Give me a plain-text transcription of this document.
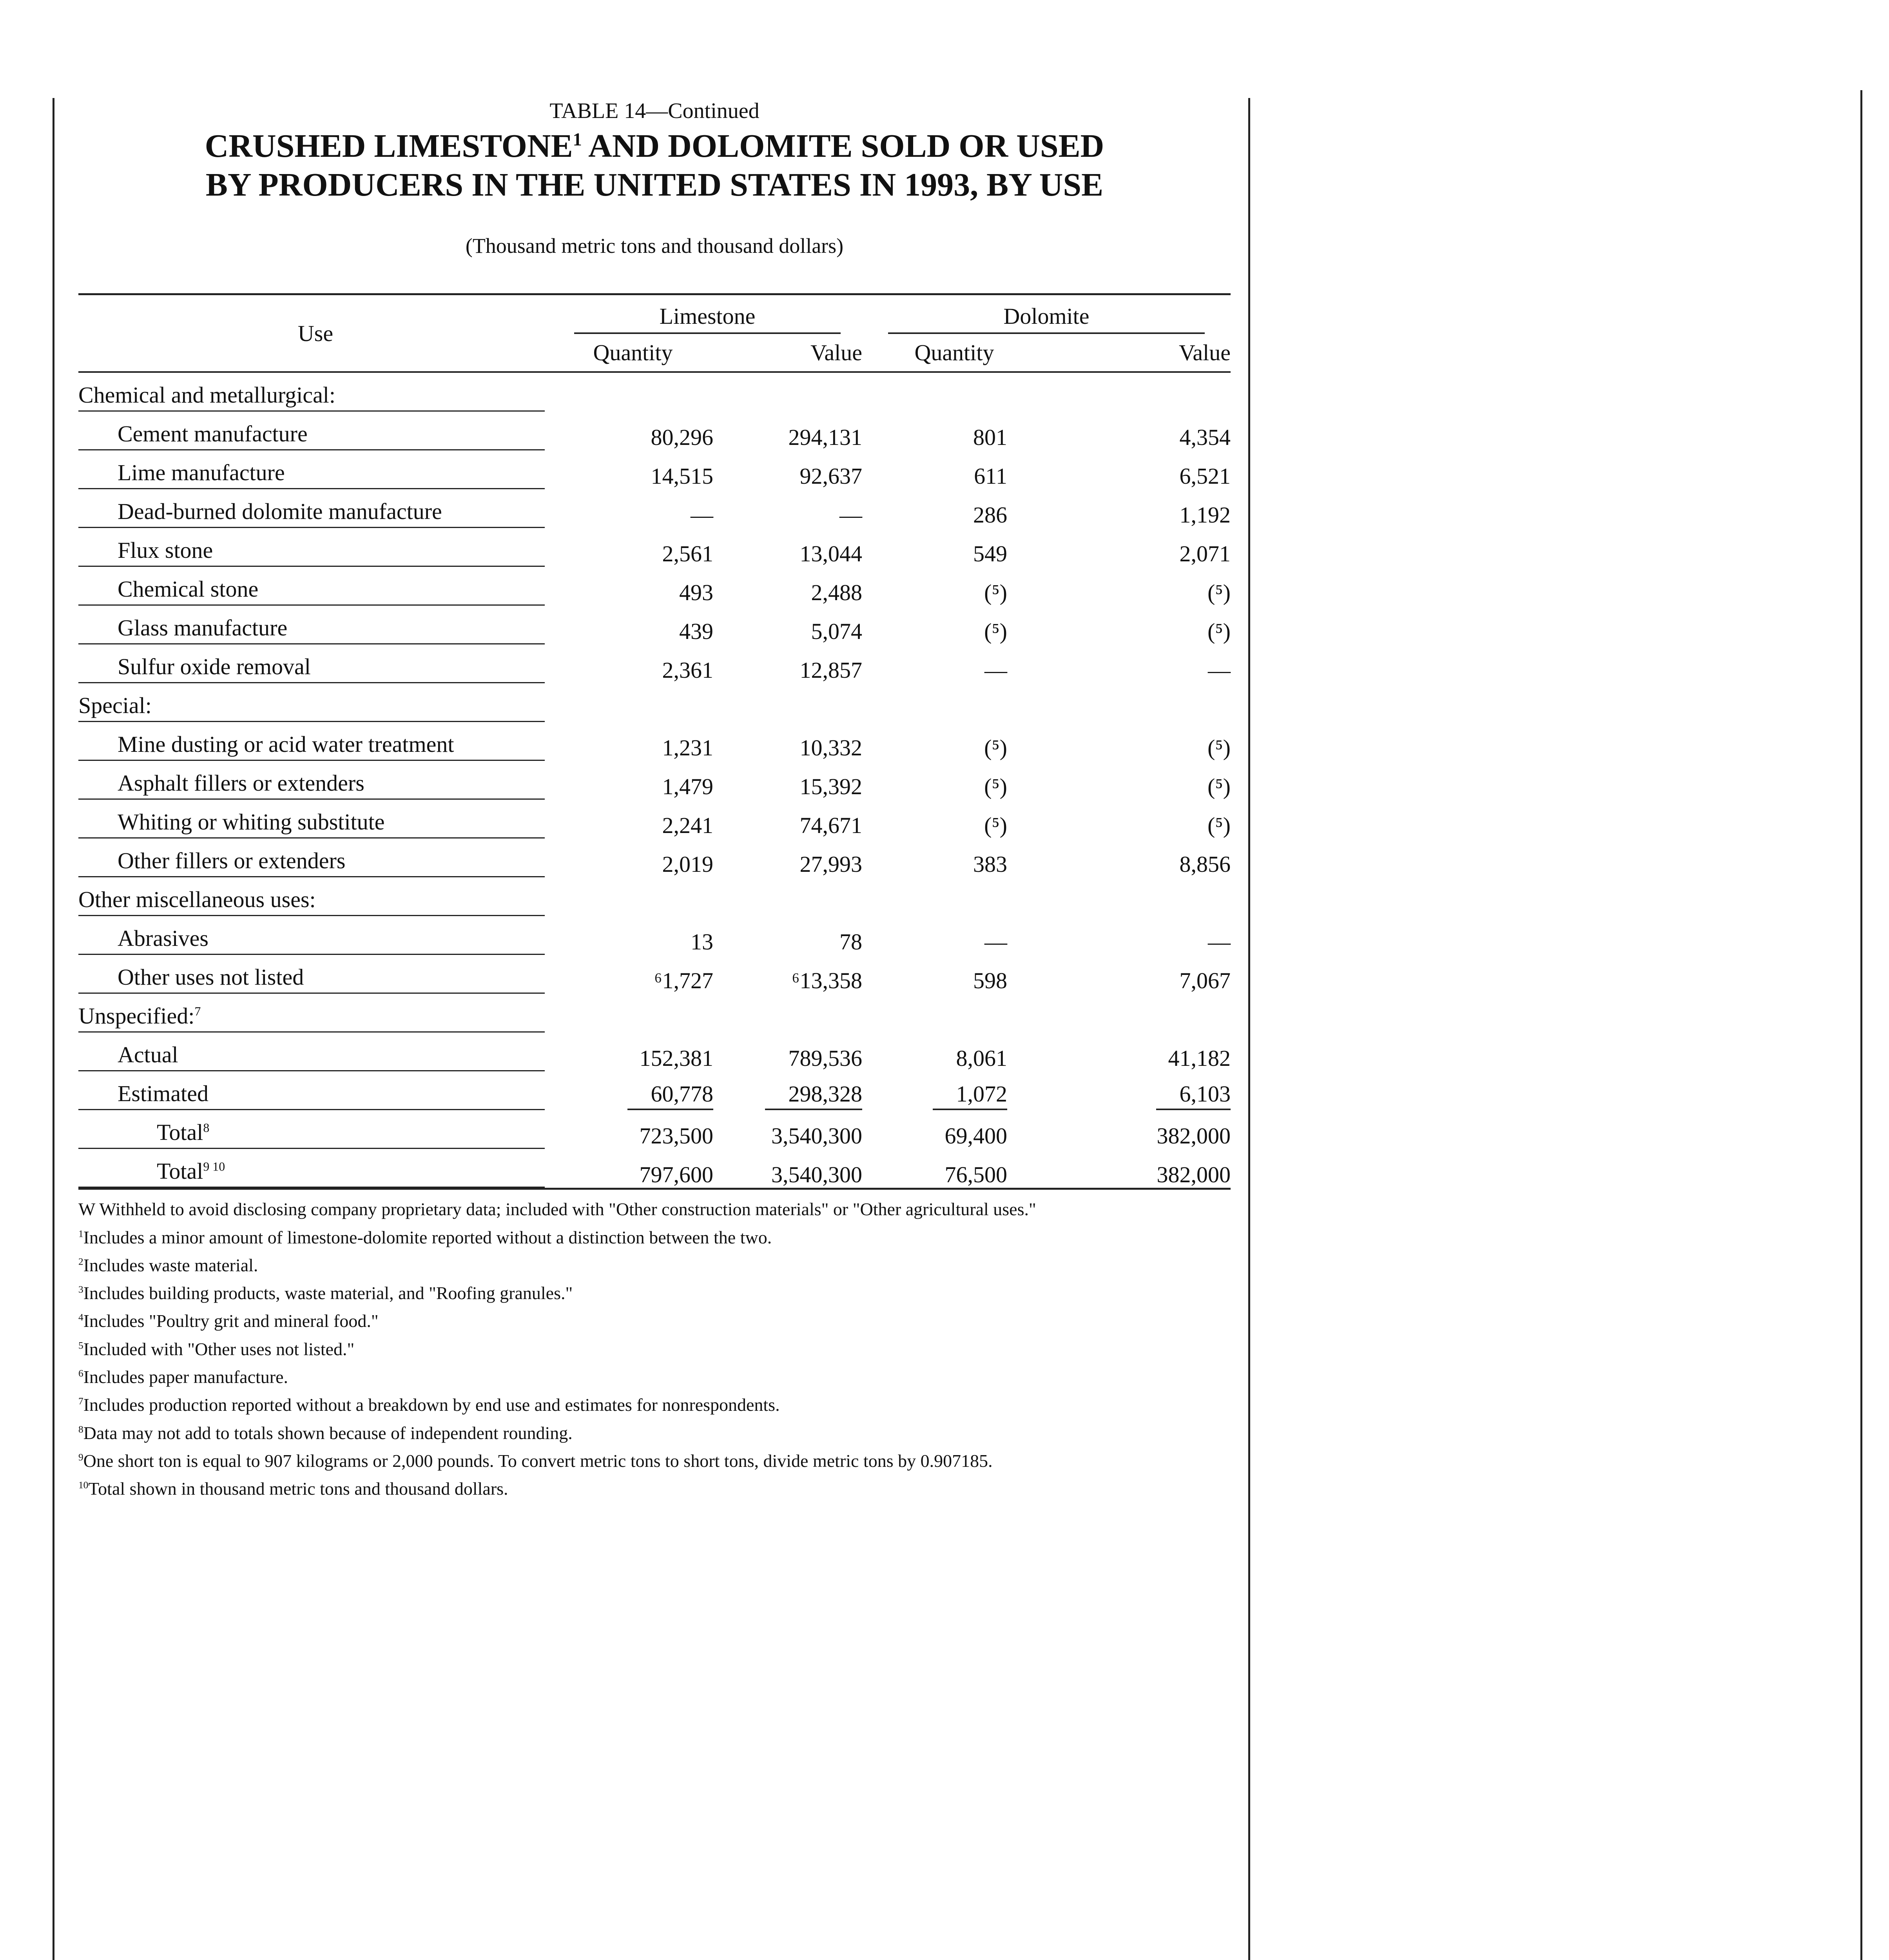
TABLE 14—Continued
CRUSHED LIMESTONE$^1$ AND DOLOMITE SOLD OR USED
BY PRODUCERS IN THE UNITED STATES IN 1993, BY USE
(Thousand metric tons and thousand dollars)
Use	Limestone		Dolomite	
	Quantity	Value	Quantity	Value

Chemical and metallurgical:				

Cement manufacture	80,296	294,131	801	4,354

Lime manufacture	14,515	92,637	611	6,521

Dead-burned dolomite manufacture	—	—	286	1,192

Flux stone	2,561	13,044	549	2,071

Chemical stone	493	2,488	(⁵)	(⁵)

Glass manufacture	439	5,074	(⁵)	(⁵)

Sulfur oxide removal	2,361	12,857	—	—

Special:				

Mine dusting or acid water treatment	1,231	10,332	(⁵)	(⁵)

Asphalt fillers or extenders	1,479	15,392	(⁵)	(⁵)

Whiting or whiting substitute	2,241	74,671	(⁵)	(⁵)

Other fillers or extenders	2,019	27,993	383	8,856

Other miscellaneous uses:				

Abrasives	13	78	—	—

Other uses not listed	⁶1,727	⁶13,358	598	7,067

Unspecified:$^7$

Actual	152,381	789,536	8,061	41,182

Estimated	60,778	298,328	1,072	6,103

Total$^8$	723,500	3,540,300	69,400	382,000

Total$^{9 10}$	797,600	3,540,300	76,500	382,000

W Withheld to avoid disclosing company proprietary data; included with "Other construction materials" or "Other agricultural uses."

$^1$Includes a minor amount of limestone-dolomite reported without a distinction between the two.

$^2$Includes waste material.

$^3$Includes building products, waste material, and "Roofing granules."

$^4$Includes "Poultry grit and mineral food."

$^5$Included with "Other uses not listed."

$^6$Includes paper manufacture.

$^7$Includes production reported without a breakdown by end use and estimates for nonrespondents.

$^8$Data may not add to totals shown because of independent rounding.

$^9$One short ton is equal to 907 kilograms or 2,000 pounds. To convert metric tons to short tons, divide metric tons by 0.907185.

$^{10}$Total shown in thousand metric tons and thousand dollars.
